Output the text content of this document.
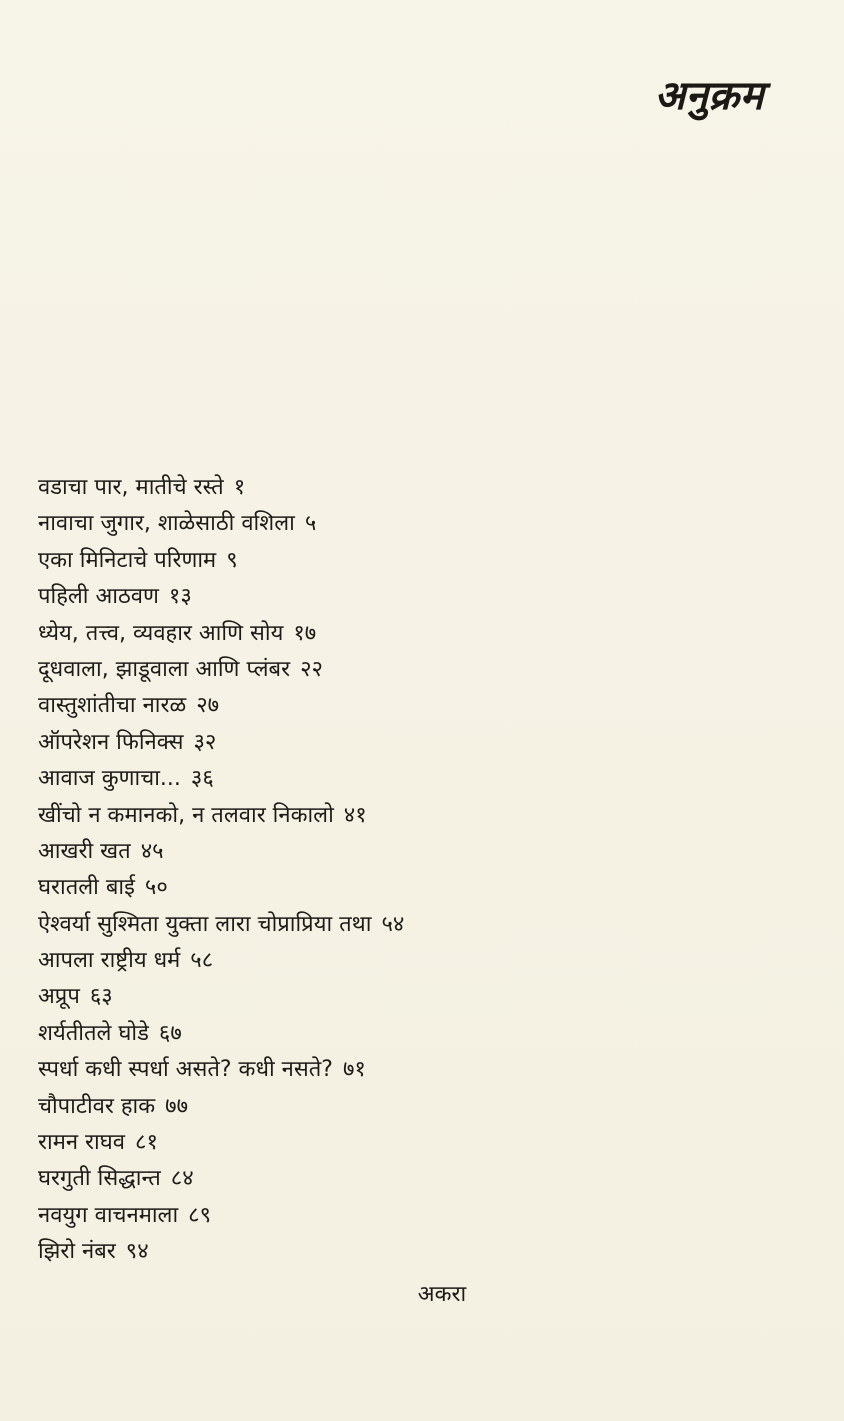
अनुक्रम
वडाचा पार, मातीचे रस्ते १
नावाचा जुगार, शाळेसाठी वशिला ५
एका मिनिटाचे परिणाम ९
पहिली आठवण १३
ध्येय, तत्त्व, व्यवहार आणि सोय १७
दूधवाला, झाडूवाला आणि प्लंबर २२
वास्तुशांतीचा नारळ २७
ऑपरेशन फिनिक्स ३२
आवाज कुणाचा... ३६
खींचो न कमानको, न तलवार निकालो ४१
आखरी खत ४५
घरातली बाई ५०
ऐश्वर्या सुश्मिता युक्ता लारा चोप्राप्रिया तथा ५४
आपला राष्ट्रीय धर्म ५८
अप्रूप ६३
शर्यतीतले घोडे ६७
स्पर्धा कधी स्पर्धा असते? कधी नसते? ७१
चौपाटीवर हाक ७७
रामन राघव ८१
घरगुती सिद्धान्त ८४
नवयुग वाचनमाला ८९
झिरो नंबर ९४
अकरा
